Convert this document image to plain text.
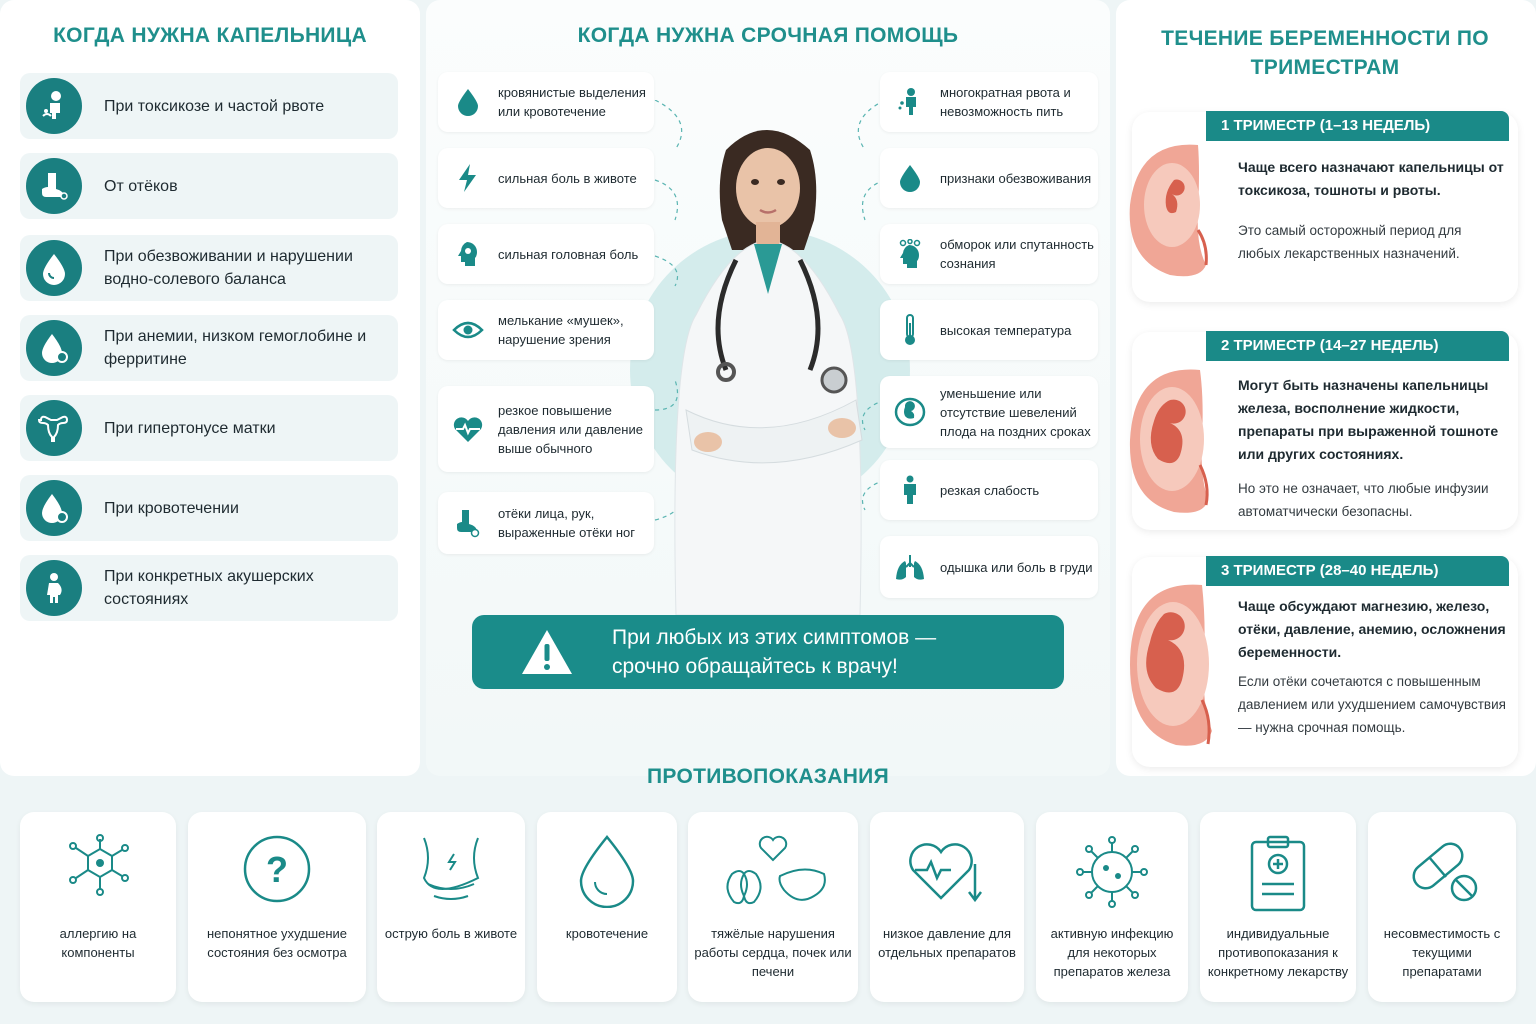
КОГДА НУЖНА КАПЕЛЬНИЦА
При токсикозе и частой рвоте
От отёков
При обезвоживании и нарушении водно-солевого баланса
При анемии, низком гемоглобине и ферритине
При гипертонусе матки
При кровотечении
При конкретных акушерских состояниях
КОГДА НУЖНА СРОЧНАЯ ПОМОЩЬ
кровянистые выделения или кровотечение
сильная боль в животе
сильная головная боль
мелькание «мушек», нарушение зрения
резкое повышение давления или давление выше обычного
отёки лица, рук, выраженные отёки ног
многократная рвота и невозможность пить
признаки обезвоживания
обморок или спутанность сознания
высокая температура
уменьшение или отсутствие шевелений плода на поздних сроках
резкая слабость
одышка или боль в груди
При любых из этих симптомов — срочно обращайтесь к врачу!
ТЕЧЕНИЕ БЕРЕМЕННОСТИ ПО ТРИМЕСТРАМ
1 ТРИМЕСТР (1–13 НЕДЕЛЬ)
Чаще всего назначают капельницы от токсикоза, тошноты и рвоты.
Это самый осторожный период для любых лекарственных назначений.
2 ТРИМЕСТР (14–27 НЕДЕЛЬ)
Могут быть назначены капельницы железа, восполнение жидкости, препараты при выраженной тошноте или других состояниях.
Но это не означает, что любые инфузии автоматчически безопасны.
3 ТРИМЕСТР (28–40 НЕДЕЛЬ)
Чаще обсуждают магнезию, железо, отёки, давление, анемию, осложнения беременности.
Если отёки сочетаются с повышенным давлением или ухудшением самочувствия — нужна срочная помощь.
ПРОТИВОПОКАЗАНИЯ
аллергию на компоненты
?
непонятное ухудшение состояния без осмотра
острую боль в животе	кровотечение	тяжёлые нарушения работы сердца, почек или печени
низкое давление для отдельных препаратов
активную инфекцию для некоторых препаратов железа
индивидуальные противопоказания к конкретному лекарству
несовместимость с текущими препаратами
